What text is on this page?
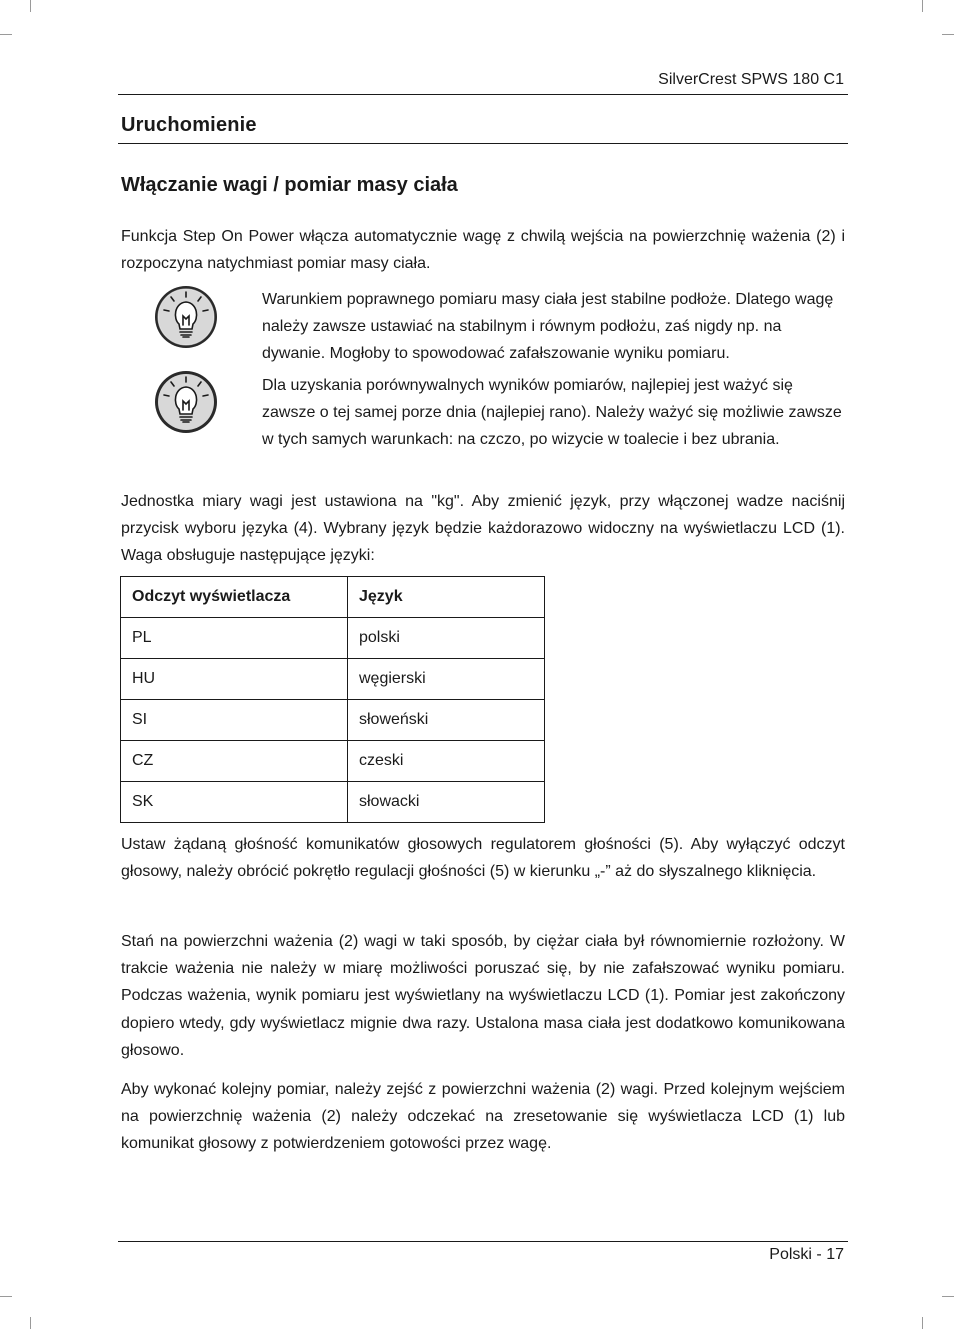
SilverCrest SPWS 180 C1
Uruchomienie
Włączanie wagi / pomiar masy ciała
Funkcja Step On Power włącza automatycznie wagę z chwilą wejścia na powierzchnię ważenia (2) i rozpoczyna natychmiast pomiar masy ciała.
Warunkiem poprawnego pomiaru masy ciała jest stabilne podłoże. Dlatego wagę należy zawsze ustawiać na stabilnym i równym podłożu, zaś nigdy np. na dywanie. Mogłoby to spowodować zafałszowanie wyniku pomiaru.
Dla uzyskania porównywalnych wyników pomiarów, najlepiej jest ważyć się zawsze o tej samej porze dnia (najlepiej rano). Należy ważyć się możliwie zawsze w tych samych warunkach: na czczo, po wizycie w toalecie i bez ubrania.
Jednostka miary wagi jest ustawiona na "kg". Aby zmienić język, przy włączonej wadze naciśnij przycisk wyboru języka (4). Wybrany język będzie każdorazowo widoczny na wyświetlaczu LCD (1). Waga obsługuje następujące języki:
Odczyt wyświetlacza	Język
PL	polski
HU	węgierski
SI	słoweński
CZ	czeski
SK	słowacki
Ustaw żądaną głośność komunikatów głosowych regulatorem głośności (5). Aby wyłączyć odczyt głosowy, należy obrócić pokrętło regulacji głośności (5) w kierunku „-” aż do słyszalnego kliknięcia.
Stań na powierzchni ważenia (2) wagi w taki sposób, by ciężar ciała był równomiernie rozłożony. W trakcie ważenia nie należy w miarę możliwości poruszać się, by nie zafałszować wyniku pomiaru. Podczas ważenia, wynik pomiaru jest wyświetlany na wyświetlaczu LCD (1). Pomiar jest zakończony dopiero wtedy, gdy wyświetlacz mignie dwa razy. Ustalona masa ciała jest dodatkowo komunikowana głosowo.
Aby wykonać kolejny pomiar, należy zejść z powierzchni ważenia (2) wagi. Przed kolejnym wejściem na powierzchnię ważenia (2) należy odczekać na zresetowanie się wyświetlacza LCD (1) lub komunikat głosowy z potwierdzeniem gotowości przez wagę.
Polski - 17
